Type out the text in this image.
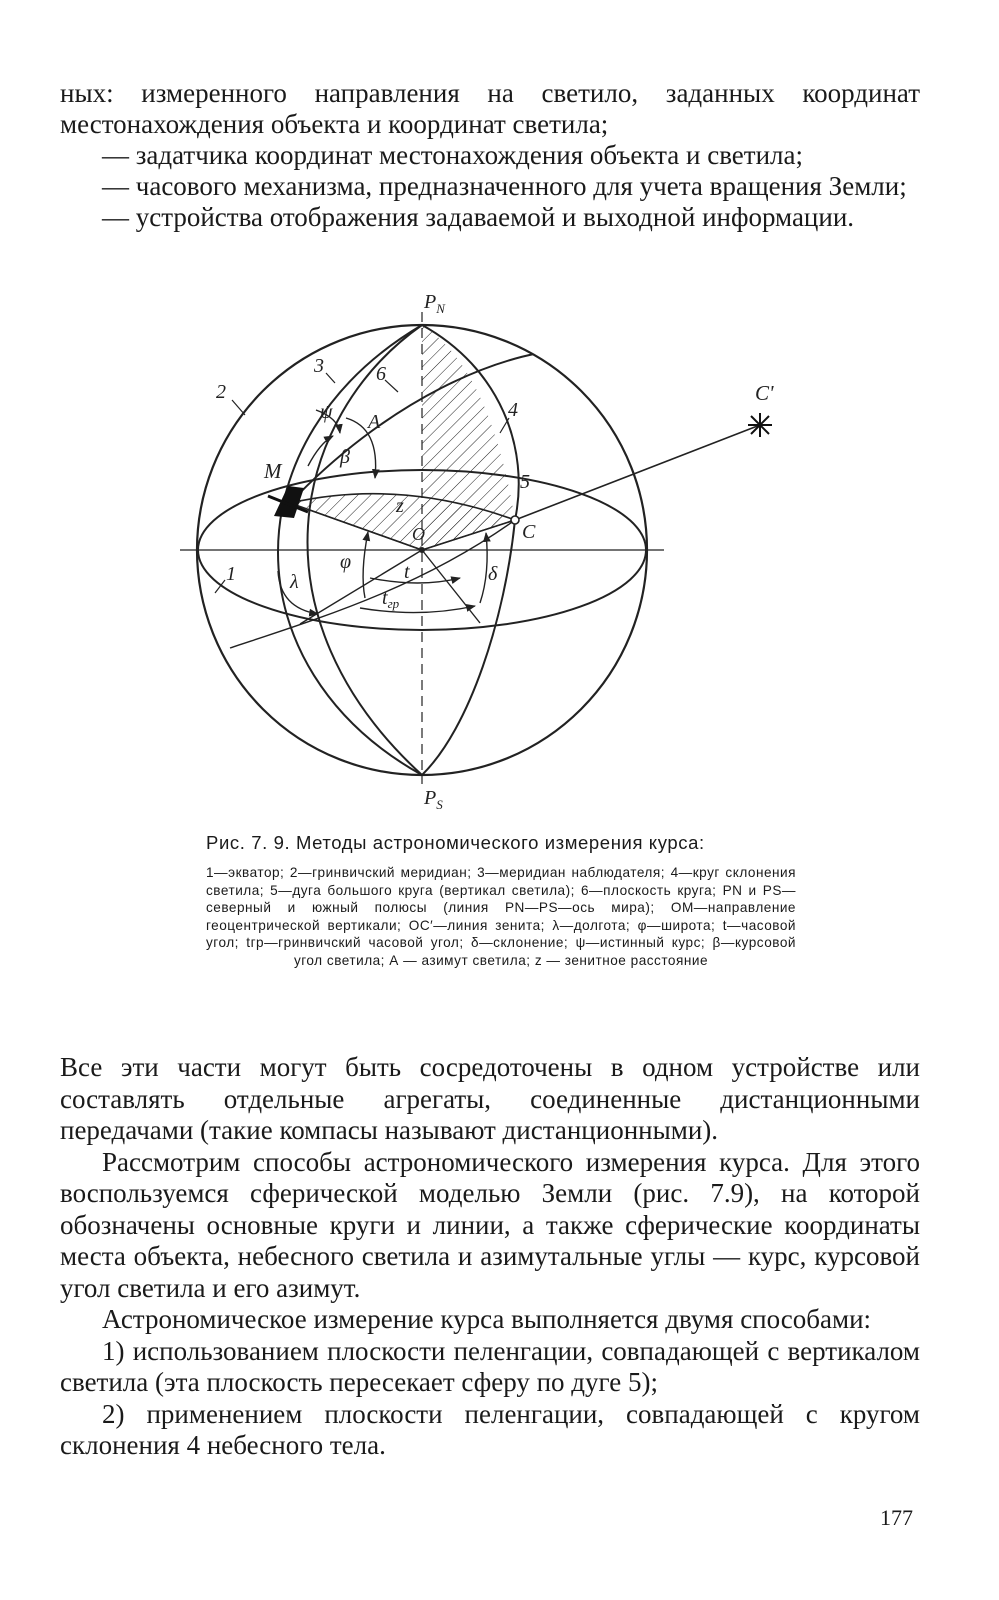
ных: измеренного направления на светило, заданных координат местонахождения объекта и координат светила;

— задатчика координат местонахождения объекта и светила;

— часового механизма, предназначенного для учета вращения Земли;

— устройства отображения задаваемой и выходной информации.

$P_N$
$P_S$
C'
1
2
3
4
5
6
M
ψ A
β
z
O	C
φ	t
λ	δ
$t_{гр}$

Рис. 7. 9. Методы астрономического измерения курса:

1—экватор; 2—гринвичский меридиан; 3—меридиан наблюдателя; 4—круг склонения светила; 5—дуга большого круга (вертикал светила); 6—плоскость круга; PN и PS—северный и южный полюсы (линия PN—PS—ось мира); ОМ—направление геоцентрической вертикали; ОС′—линия зенита; λ—долгота; φ—широта; t—часовой угол; tгр—гринвичский часовой угол; δ—склонение; ψ—истинный курс; β—курсовой угол светила; А — азимут светила; z — зенитное расстояние

Все эти части могут быть сосредоточены в одном устройстве или составлять отдельные агрегаты, соединенные дистанционными передачами (такие компасы называют дистанционными).

Рассмотрим способы астрономического измерения курса. Для этого воспользуемся сферической моделью Земли (рис. 7.9), на которой обозначены основные круги и линии, а также сферические координаты места объекта, небесного светила и азимутальные углы — курс, курсовой угол светила и его азимут.

Астрономическое измерение курса выполняется двумя способами:

1) использованием плоскости пеленгации, совпадающей с вертикалом светила (эта плоскость пересекает сферу по дуге 5);

2) применением плоскости пеленгации, совпадающей с кругом склонения 4 небесного тела.

177
